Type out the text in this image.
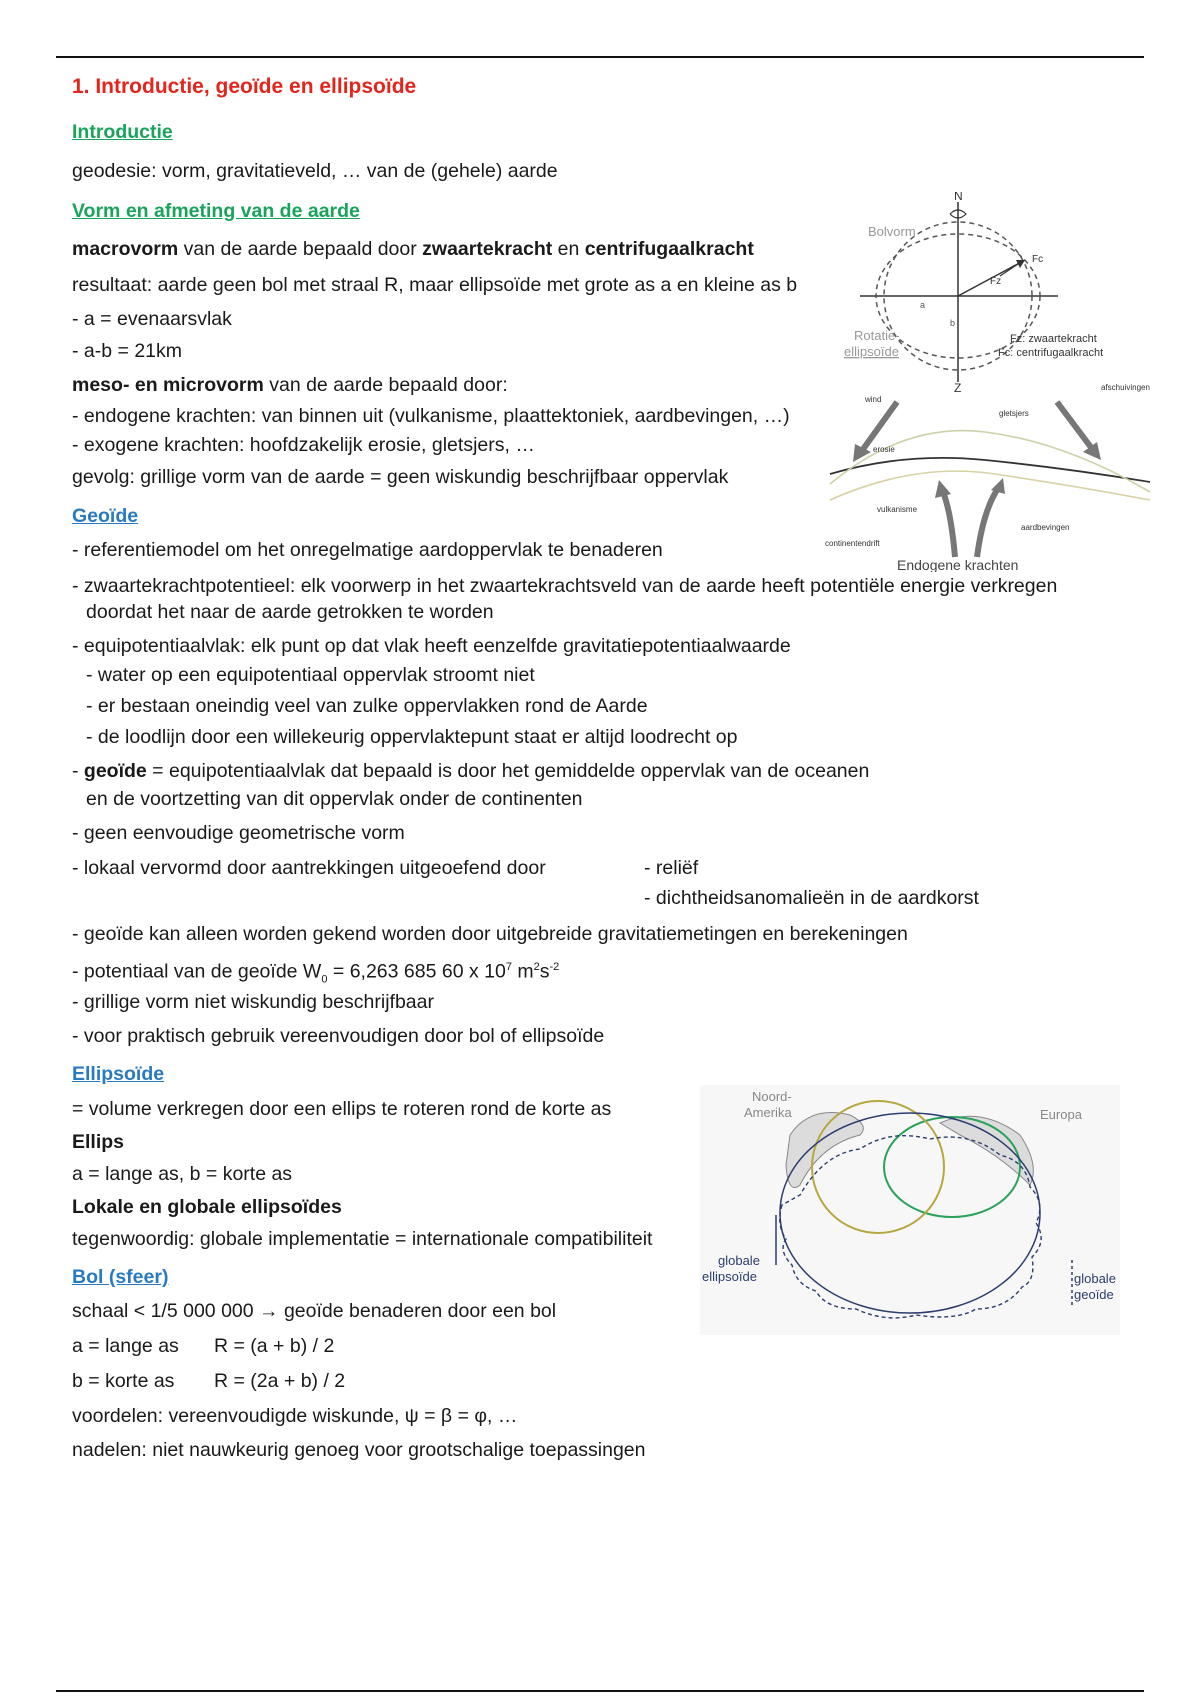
1. Introductie, geoïde en ellipsoïde
Introductie
geodesie: vorm, gravitatieveld, … van de (gehele) aarde
Vorm en afmeting van de aarde
macrovorm van de aarde bepaald door zwaartekracht en centrifugaalkracht
resultaat: aarde geen bol met straal R, maar ellipsoïde met grote as a en kleine as b
- a = evenaarsvlak
- a-b = 21km
meso- en microvorm van de aarde bepaald door:
- endogene krachten: van binnen uit (vulkanisme, plaattektoniek, aardbevingen, …)
- exogene krachten: hoofdzakelijk erosie, gletsjers, …
gevolg: grillige vorm van de aarde = geen wiskundig beschrijfbaar oppervlak
Geoïde
- referentiemodel om het onregelmatige aardoppervlak te benaderen
- zwaartekrachtpotentieel: elk voorwerp in het zwaartekrachtsveld van de aarde heeft potentiële energie verkregen
doordat het naar de aarde getrokken te worden
- equipotentiaalvlak: elk punt op dat vlak heeft eenzelfde gravitatiepotentiaalwaarde
- water op een equipotentiaal oppervlak stroomt niet
- er bestaan oneindig veel van zulke oppervlakken rond de Aarde
- de loodlijn door een willekeurig oppervlaktepunt staat er altijd loodrecht op
- geoïde = equipotentiaalvlak dat bepaald is door het gemiddelde oppervlak van de oceanen
en de voortzetting van dit oppervlak onder de continenten
- geen eenvoudige geometrische vorm
- lokaal vervormd door aantrekkingen uitgeoefend door	- reliëf
- dichtheidsanomalieën in de aardkorst
- geoïde kan alleen worden gekend worden door uitgebreide gravitatiemetingen en berekeningen
- potentiaal van de geoïde $W_0 = 6,263$ 685 60 x $10^7$ $m^2s^{-2}$
- grillige vorm niet wiskundig beschrijfbaar
- voor praktisch gebruik vereenvoudigen door bol of ellipsoïde
Ellipsoïde
= volume verkregen door een ellips te roteren rond de korte as
Ellips
a = lange as, b = korte as
Lokale en globale ellipsoïdes
tegenwoordig: globale implementatie = internationale compatibiliteit
Bol (sfeer)
schaal < 1/5 000 000 → geoïde benaderen door een bol
a = lange as R = (a + b) / 2
b = korte as R = (2a + b) / 2
voordelen: vereenvoudigde wiskunde, ψ = β = φ, …
nadelen: niet nauwkeurig genoeg voor grootschalige toepassingen
N
Z
Bolvorm
Rotatie-
ellipsoïde
Fc
Fz
a
b
Fz: zwaartekracht
Fc: centrifugaalkracht
wind
erosie
gletsjers
afschuivingen
vulkanisme
aardbevingen
continentendrift
Endogene krachten
Noord-
Amerika	Europa
globale
ellipsoïde	globale
geoïde
